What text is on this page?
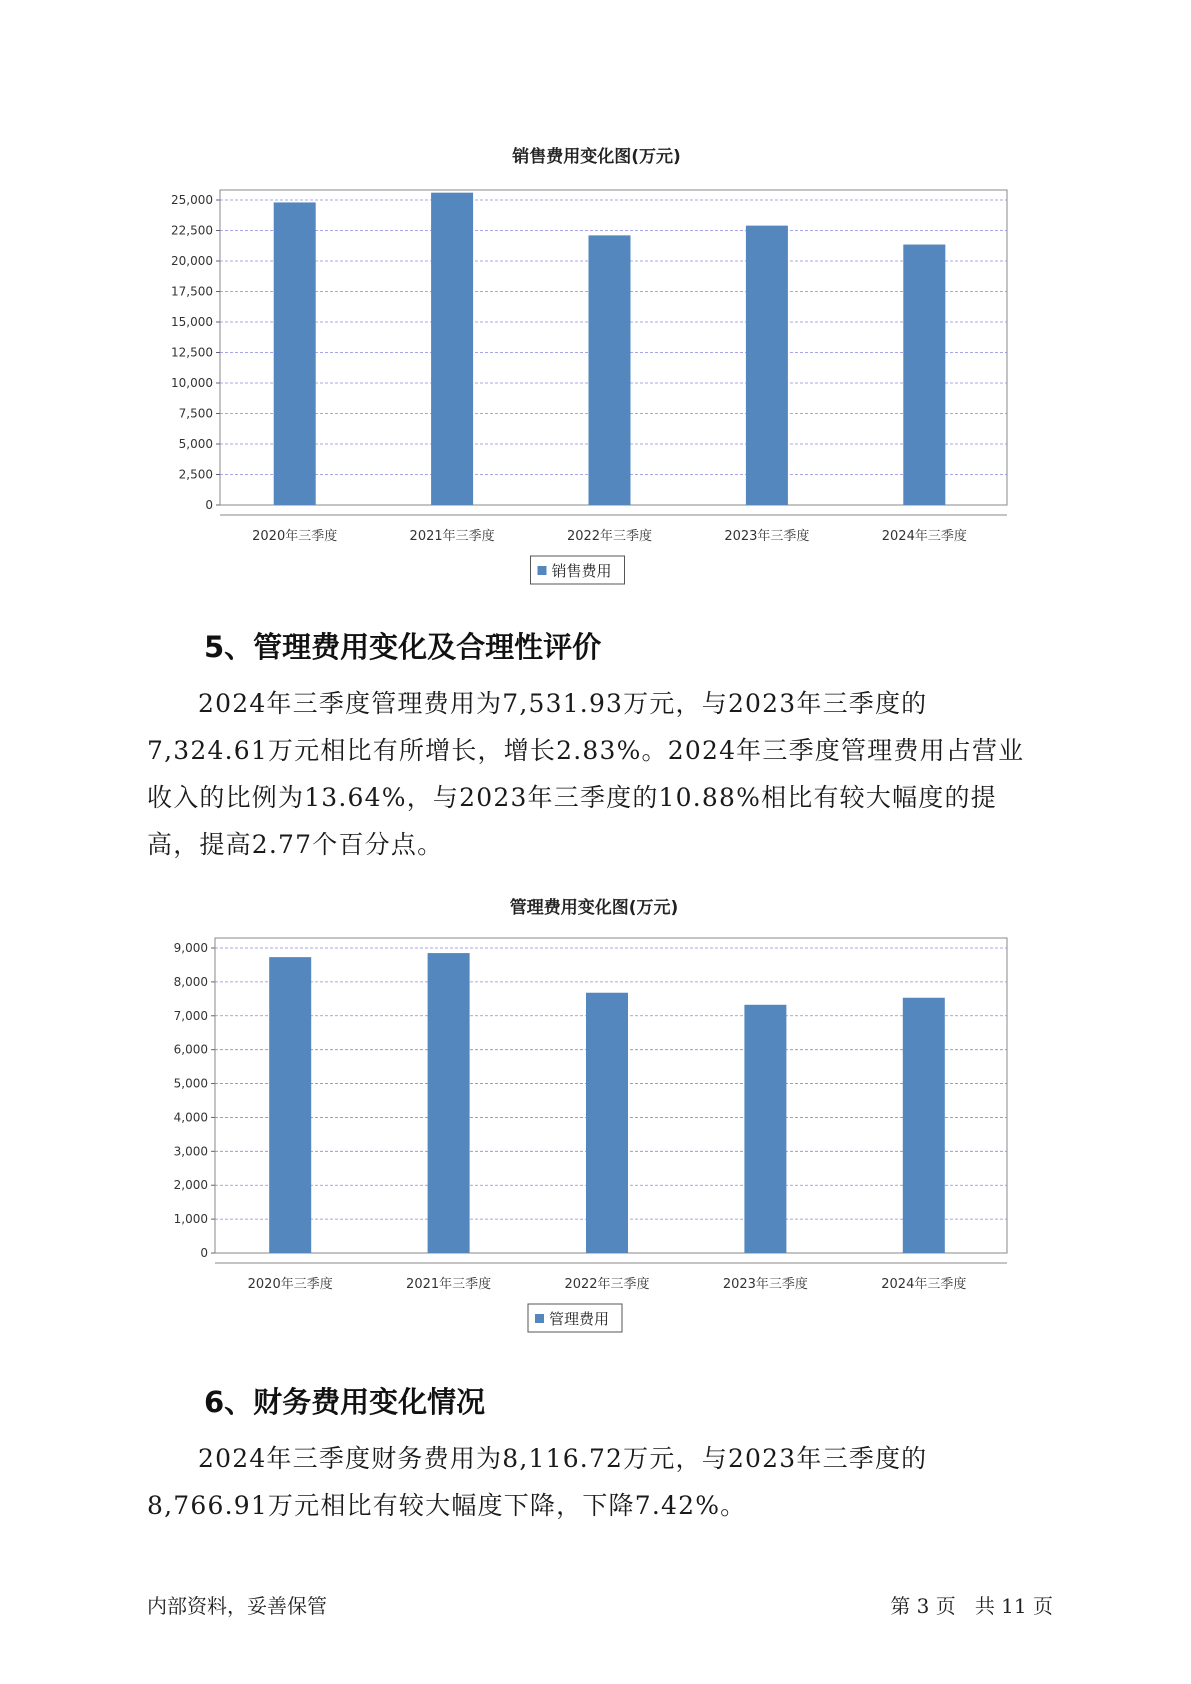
销售费用变化图(万元)
0
2,500
5,000
7,500
10,000
12,500
15,000
17,500
20,000
22,500
25,000
2020年三季度	2021年三季度	2022年三季度	2023年三季度	2024年三季度
销售费用
5、管理费用变化及合理性评价

2024年三季度管理费用为7,531.93万元，与2023年三季度的7,324.61万元相比有所增长，增长2.83%。2024年三季度管理费用占营业收入的比例为13.64%，与2023年三季度的10.88%相比有较大幅度的提高，提高2.77个百分点。

管理费用变化图(万元)
0
1,000
2,000
3,000
4,000
5,000
6,000
7,000
8,000
9,000
2020年三季度	2021年三季度	2022年三季度	2023年三季度	2024年三季度
管理费用
6、财务费用变化情况

2024年三季度财务费用为8,116.72万元，与2023年三季度的8,766.91万元相比有较大幅度下降，下降7.42%。

内部资料，妥善保管	第 3 页   共 11 页
